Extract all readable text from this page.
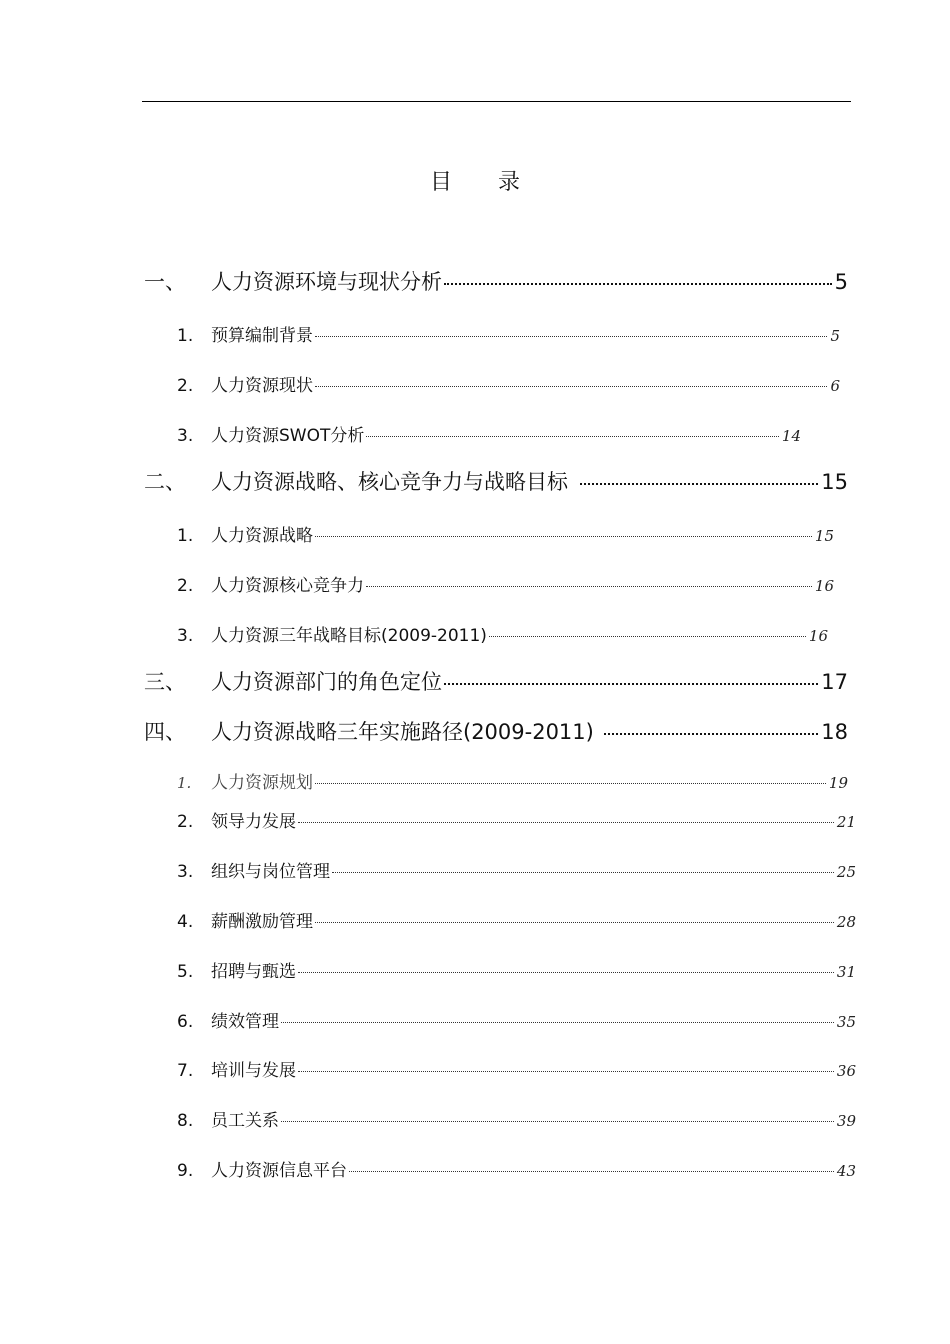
目 录
一、	人力资源环境与现状分析	5
1.	预算编制背景	5
2.	人力资源现状	6
3.	人力资源SWOT分析	14
二、	人力资源战略、核心竞争力与战略目标	15
1.	人力资源战略	15
2.	人力资源核心竞争力	16
3.	人力资源三年战略目标(2009-2011)	16
三、	人力资源部门的角色定位	17
四、	人力资源战略三年实施路径(2009-2011)	18
1.	人力资源规划	19
2.	领导力发展	21
3.	组织与岗位管理	25
4.	薪酬激励管理	28
5.	招聘与甄选	31
6.	绩效管理	35
7.	培训与发展	36
8.	员工关系	39
9.	人力资源信息平台	43
